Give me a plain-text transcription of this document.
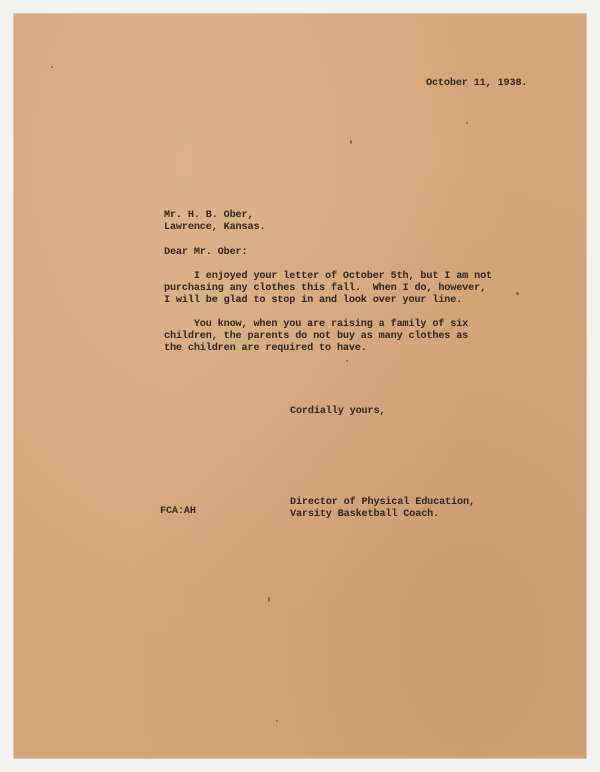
October 11, 1938.
Mr. H. B. Ober,
Lawrence, Kansas.
Dear Mr. Ober:
I enjoyed your letter of October 5th, but I am not
purchasing any clothes this fall.  When I do, however,
I will be glad to stop in and look over your line.
You know, when you are raising a family of six
children, the parents do not buy as many clothes as
the children are required to have.
Cordially yours,
Director of Physical Education,
Varsity Basketball Coach.
FCA:AH
